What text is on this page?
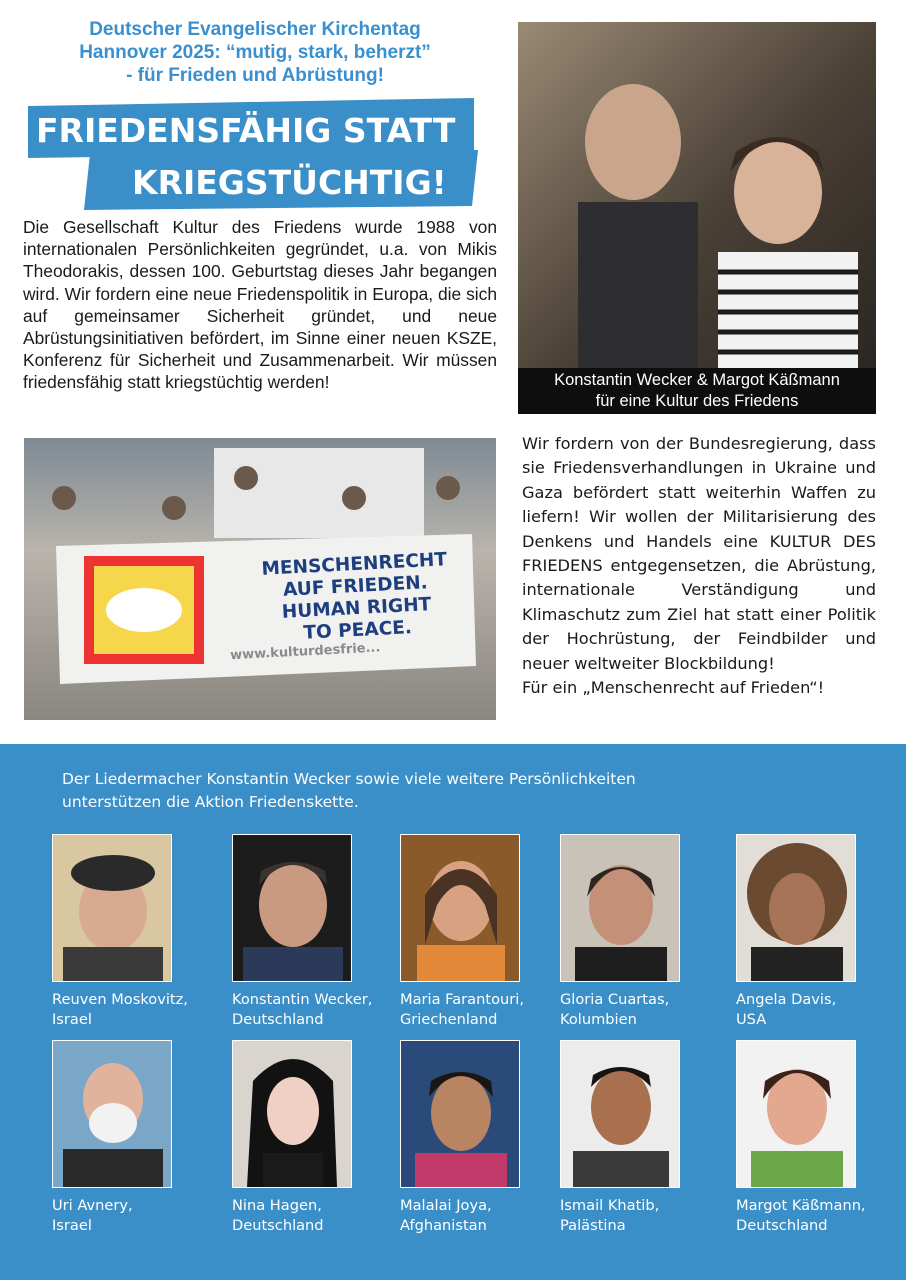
Deutscher Evangelischer Kirchentag
Hannover 2025: “mutig, stark, beherzt”
- für Frieden und Abrüstung!
FRIEDENSFÄHIG STATT
KRIEGSTÜCHTIG!
Die Gesellschaft Kultur des Friedens wurde 1988 von internationalen Persönlichkeiten gegründet, u.a. von Mikis Theodorakis, dessen 100. Geburtstag dieses Jahr begangen wird. Wir fordern eine neue Friedenspolitik in Europa, die sich auf gemeinsamer Sicherheit gründet, und neue Abrüstungsinitiativen befördert, im Sinne einer neuen KSZE, Konferenz für Sicherheit und Zusammenarbeit. Wir müssen friedensfähig statt kriegstüchtig werden!	Konstantin Wecker & Margot Käßmann
für eine Kultur des Friedens
MENSCHENRECHT
AUF FRIEDEN.
HUMAN RIGHT
TO PEACE.
www.kulturdesfrie...

Wir fordern von der Bundesregierung, dass sie Friedensverhandlungen in Ukraine und Gaza befördert statt weiterhin Waffen zu liefern! Wir wollen der Militarisierung des Denkens und Handels eine KULTUR DES FRIEDENS entgegensetzen, die Abrüstung, internationale Verständigung und Klimaschutz zum Ziel hat statt einer Politik der Hochrüstung, der Feindbilder und neuer weltweiter Blockbildung!

Für ein „Menschenrecht auf Frieden“!

Der Liedermacher Konstantin Wecker sowie viele weitere Persönlichkeiten unterstützen die Aktion Friedenskette.
Reuven Moskovitz,
Israel
Konstantin Wecker,
Deutschland
Maria Farantouri,
Griechenland
Gloria Cuartas,
Kolumbien
Angela Davis,
USA
Uri Avnery,
Israel
Nina Hagen,
Deutschland
Malalai Joya,
Afghanistan
Ismail Khatib,
Palästina
Margot Käßmann,
Deutschland
